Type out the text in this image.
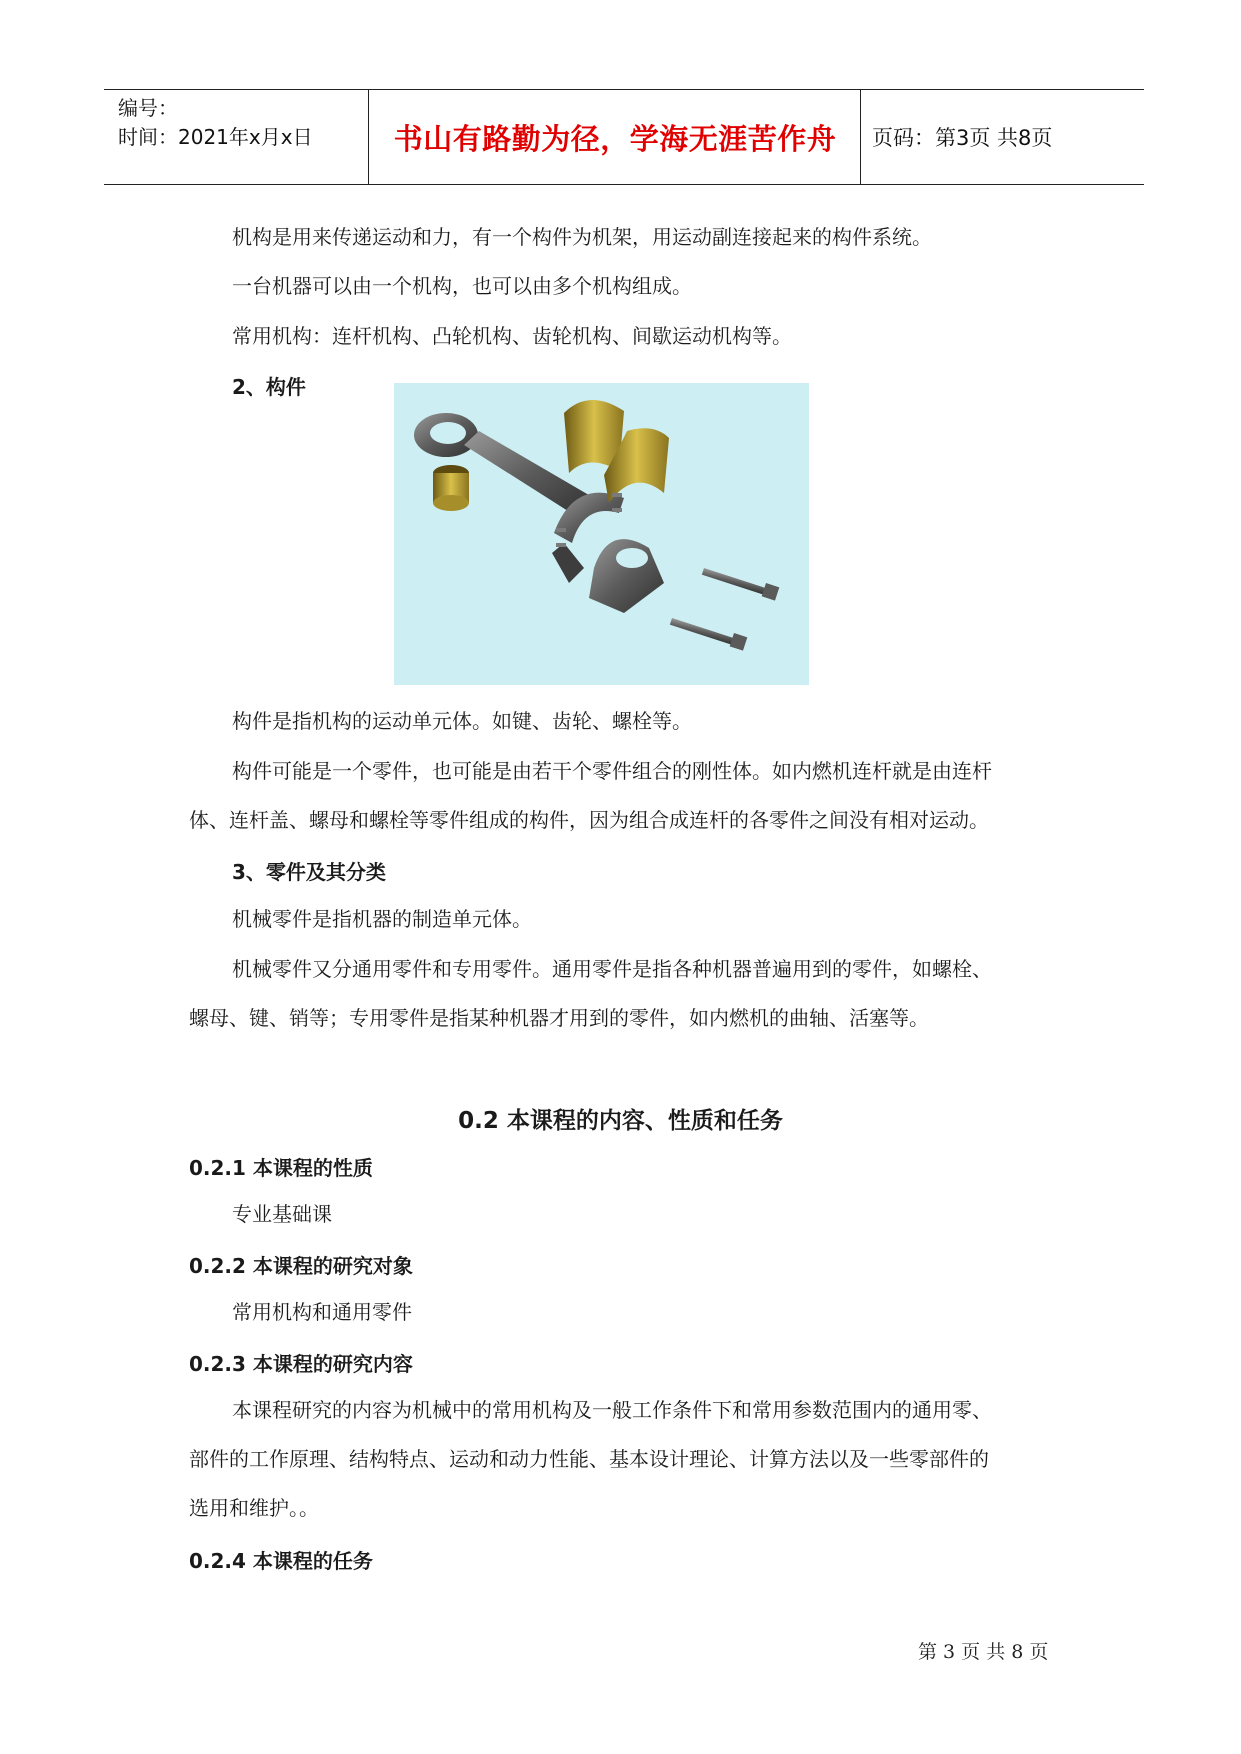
编号：
时间：2021年x月x日	书山有路勤为径，学海无涯苦作舟	页码：第3页 共8页
机构是用来传递运动和力，有一个构件为机架，用运动副连接起来的构件系统。
一台机器可以由一个机构，也可以由多个机构组成。
常用机构：连杆机构、凸轮机构、齿轮机构、间歇运动机构等。
2、构件
构件是指机构的运动单元体。如键、齿轮、螺栓等。
构件可能是一个零件，也可能是由若干个零件组合的刚性体。如内燃机连杆就是由连杆
体、连杆盖、螺母和螺栓等零件组成的构件，因为组合成连杆的各零件之间没有相对运动。
3、零件及其分类
机械零件是指机器的制造单元体。
机械零件又分通用零件和专用零件。通用零件是指各种机器普遍用到的零件，如螺栓、
螺母、键、销等；专用零件是指某种机器才用到的零件，如内燃机的曲轴、活塞等。
0.2 本课程的内容、性质和任务
0.2.1 本课程的性质
专业基础课
0.2.2 本课程的研究对象
常用机构和通用零件
0.2.3 本课程的研究内容
本课程研究的内容为机械中的常用机构及一般工作条件下和常用参数范围内的通用零、
部件的工作原理、结构特点、运动和动力性能、基本设计理论、计算方法以及一些零部件的
选用和维护。。
0.2.4 本课程的任务
第 3 页 共 8 页
